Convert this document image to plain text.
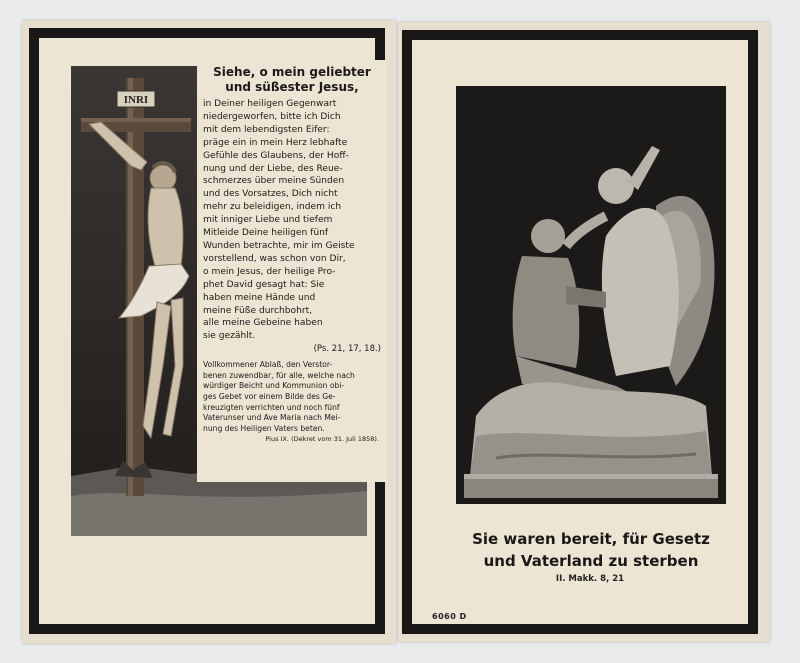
INRI
Siehe, o mein geliebter
und süßester Jesus,
in Deiner heiligen Gegenwart
niedergeworfen, bitte ich Dich
mit dem lebendigsten Eifer:
präge ein in mein Herz lebhafte
Gefühle des Glaubens, der Hoff-
nung und der Liebe, des Reue-
schmerzes über meine Sünden
und des Vorsatzes, Dich nicht
mehr zu beleidigen, indem ich
mit inniger Liebe und tiefem
Mitleide Deine heiligen fünf
Wunden betrachte, mir im Geiste
vorstellend, was schon von Dir,
o mein Jesus, der heilige Pro-
phet David gesagt hat: Sie
haben meine Hände und
meine Füße durchbohrt,
alle meine Gebeine haben
sie gezählt.
(Ps. 21, 17, 18.)
Vollkommener Ablaß, den Verstor-
benen zuwendbar, für alle, welche nach
würdiger Beicht und Kommunion obi-
ges Gebet vor einem Bilde des Ge-
kreuzigten verrichten und noch fünf
Vaterunser und Ave Maria nach Mei-
nung des Heiligen Vaters beten.
Pius IX. (Dekret vom 31. Juli 1858).
Sie waren bereit, für Gesetz
und Vaterland zu sterben
II. Makk. 8, 21
6060 D
